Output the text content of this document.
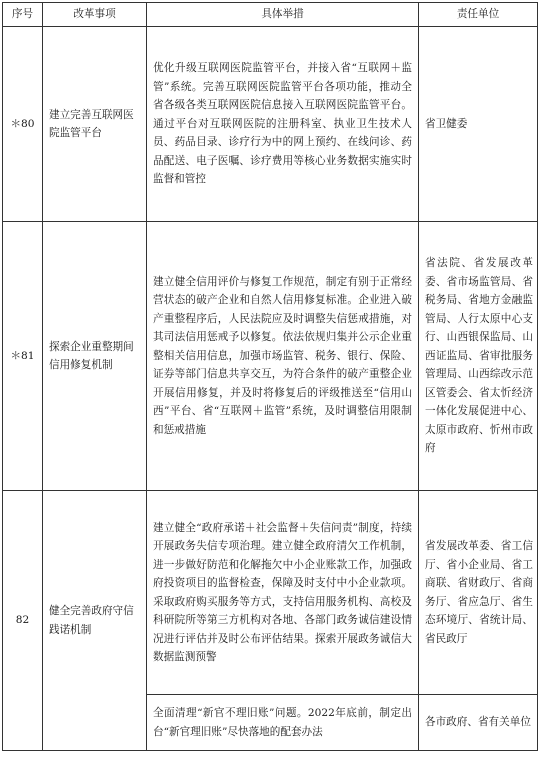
序号	改革事项	具体举措	责任单位
＊80	建立完善互联网医院监管平台	优化升级互联网医院监管平台，并接入省“互联网＋监管”系统。完善互联网医院监管平台各项功能，推动全省各级各类互联网医院信息接入互联网医院监管平台。通过平台对互联网医院的注册科室、执业卫生技术人员、药品目录、诊疗行为中的网上预约、在线问诊、药品配送、电子医嘱、诊疗费用等核心业务数据实施实时监督和管控	省卫健委
＊81	探索企业重整期间信用修复机制	建立健全信用评价与修复工作规范，制定有别于正常经营状态的破产企业和自然人信用修复标准。企业进入破产重整程序后，人民法院应及时调整失信惩戒措施，对其司法信用惩戒予以修复。依法依规归集并公示企业重整相关信用信息，加强市场监管、税务、银行、保险、证券等部门信息共享交互，为符合条件的破产重整企业开展信用修复，并及时将修复后的评级推送至“信用山西”平台、省“互联网＋监管”系统，及时调整信用限制和惩戒措施	省法院、省发展改革委、省市场监管局、省税务局、省地方金融监管局、人行太原中心支行、山西银保监局、山西证监局、省审批服务管理局、山西综改示范区管委会、省太忻经济一体化发展促进中心、太原市政府、忻州市政府
82	健全完善政府守信践诺机制	建立健全“政府承诺＋社会监督＋失信问责”制度，持续开展政务失信专项治理。建立健全政府清欠工作机制，进一步做好防范和化解拖欠中小企业账款工作，加强政府投资项目的监督检查，保障及时支付中小企业款项。采取政府购买服务等方式，支持信用服务机构、高校及科研院所等第三方机构对各地、各部门政务诚信建设情况进行评估并及时公布评估结果。探索开展政务诚信大数据监测预警	省发展改革委、省工信厅、省小企业局、省工商联、省财政厅、省商务厅、省应急厅、省生态环境厅、省统计局、省民政厅
		全面清理“新官不理旧账”问题。2022年底前，制定出台“新官理旧账”尽快落地的配套办法	各市政府、省有关单位
